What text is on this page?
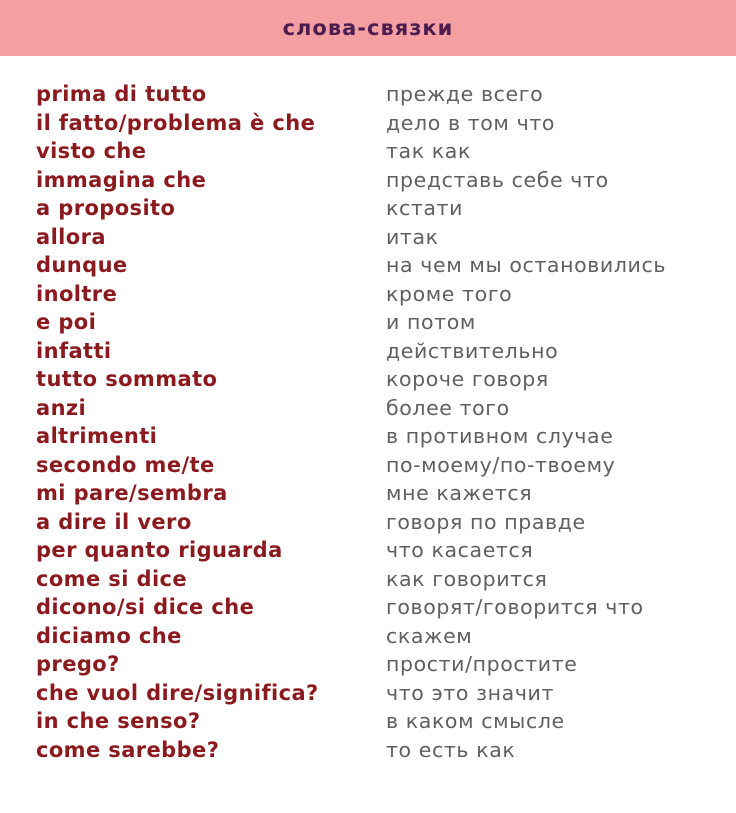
слова-связки
prima di tutto	прежде всего
il fatto/problema è che	дело в том что
visto che	так как
immagina che	представь себе что
a proposito	кстати
allora	итак
dunque	на чем мы остановились
inoltre	кроме того
e poi	и потом
infatti	действительно
tutto sommato	короче говоря
anzi	более того
altrimenti	в противном случае
secondo me/te	по-моему/по-твоему
mi pare/sembra	мне кажется
a dire il vero	говоря по правде
per quanto riguarda	что касается
come si dice	как говорится
dicono/si dice che	говорят/говорится что
diciamo che	скажем
prego?	прости/простите
che vuol dire/significa?	что это значит
in che senso?	в каком смысле
come sarebbe?	то есть как
